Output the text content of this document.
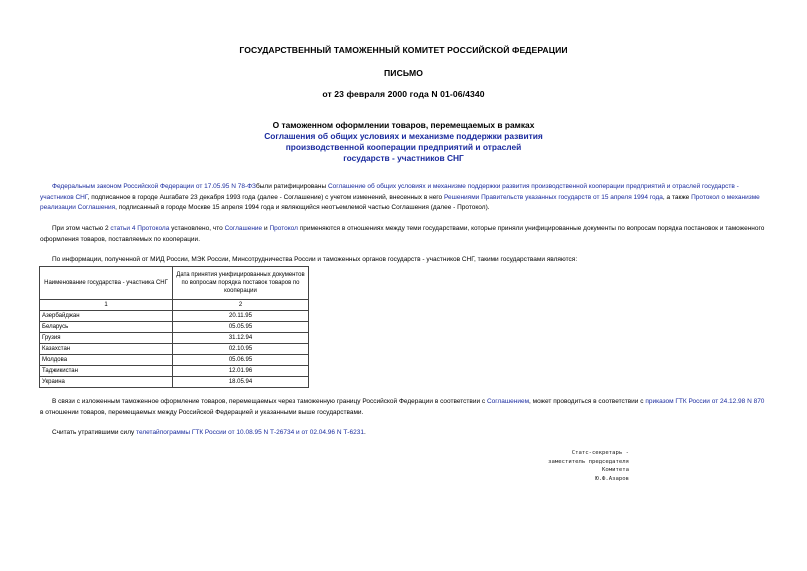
ГОСУДАРСТВЕННЫЙ ТАМОЖЕННЫЙ КОМИТЕТ РОССИЙСКОЙ ФЕДЕРАЦИИ
ПИСЬМО
от 23 февраля 2000 года N 01-06/4340
О таможенном оформлении товаров, перемещаемых в рамках
Соглашения об общих условиях и механизме поддержки развития
производственной кооперации предприятий и отраслей
государств - участников СНГ
Федеральным законом Российской Федерации от 17.05.95 N 78-ФЗбыли ратифицированы Соглашение об общих условиях и механизме поддержки развития производственной кооперации предприятий и отраслей государств - участников СНГ, подписанное в городе Ашгабате 23 декабря 1993 года (далее - Соглашение) с учетом изменений, внесенных в него Решениями Правительств указанных государств от 15 апреля 1994 года, а также Протокол о механизме реализации Соглашения, подписанный в городе Москве 15 апреля 1994 года и являющийся неотъемлемой частью Соглашения (далее - Протокол).
При этом частью 2 статьи 4 Протокола установлено, что Соглашение и Протокол применяются в отношениях между теми государствами, которые приняли унифицированные документы по вопросам порядка постановок и таможенного оформления товаров, поставляемых по кооперации.
По информации, полученной от МИД России, МЭК России, Минсотрудничества России и таможенных органов государств - участников СНГ, такими государствами являются:
Наименование государства - участника СНГ	Дата принятия унифицированных документов по вопросам порядка поставок товаров по кооперации
1	2
Азербайджан	20.11.95
Беларусь	05.05.95
Грузия	31.12.94
Казахстан	02.10.95
Молдова	05.06.95
Таджикистан	12.01.96
Украина	18.05.94
В связи с изложенным таможенное оформление товаров, перемещаемых через таможенную границу Российской Федерации в соответствии с Соглашением, может проводиться в соответствии с приказом ГТК России от 24.12.98 N 870 в отношении товаров, перемещаемых между Российской Федерацией и указанными выше государствами.
Считать утратившими силу телетайпограммы ГТК России от 10.08.95 N Т-26734 и от 02.04.96 N Т-6231.
Статс-секретарь -
заместитель председателя Комитета
Ю.Ф.Азаров
